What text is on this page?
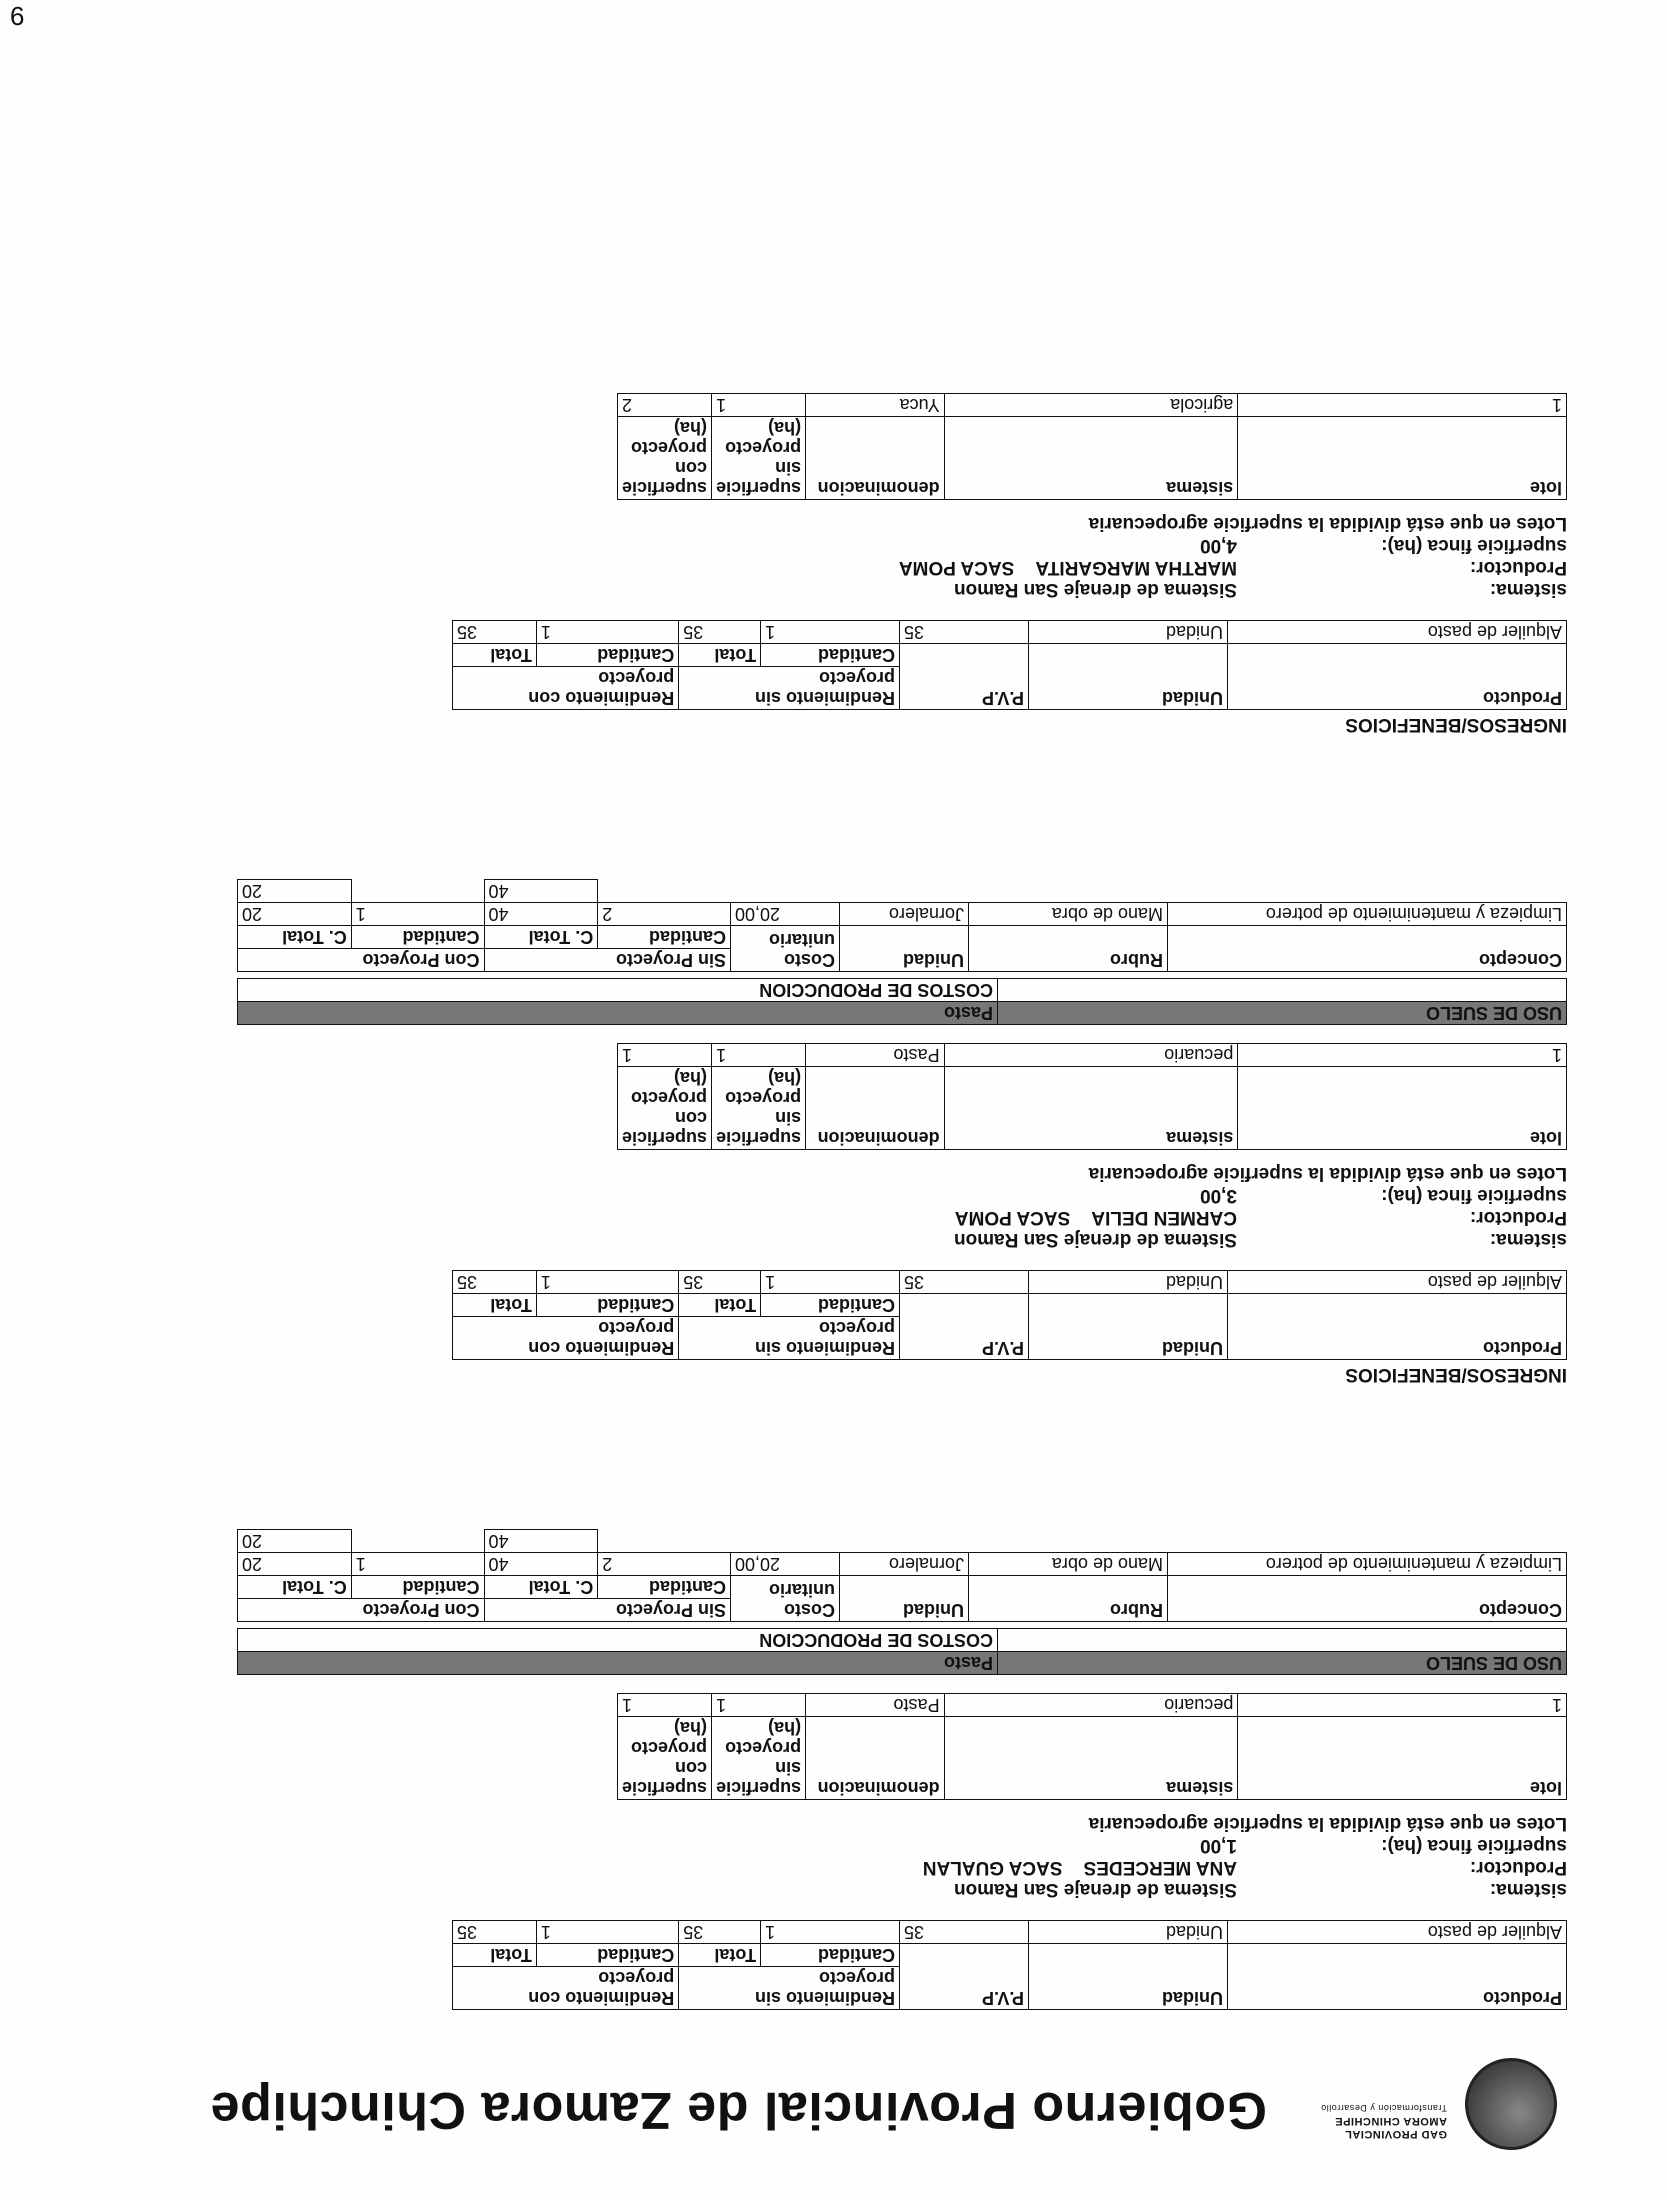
GAD PROVINCIAL
AMORA CHINCHIPE
Transformación y Desarrollo
Gobierno Provincial de Zamora Chinchipe
Producto	Unidad	P.V.P	Rendimiento sin proyecto		Rendimiento con proyecto	
			Cantidad	Total	Cantidad	Total
Alquiler de pasto	Unidad	35	1	35	1	35
sistema:Sistema de drenaje San Ramon
Productor:ANA MERCEDES    SACA GUALAN
superficie finca (ha):1,00
Lotes en que está dividida la superficie agropecuaria
lote	sistema	denominacion	superficie sin proyecto (ha)	superficie con proyecto (ha)
1	pecuario	Pasto	1	1
USO DE SUELO	Pasto
	COSTOS DE PRODUCCION
Concepto	Rubro	Unidad	Costo unitario	Sin Proyecto		Con Proyecto	
				Cantidad	C. Total	Cantidad	C. Total
Limpieza y mantenimiento de potrero	Mano de obra	Jornalero	20,00	2	40	1	20
					40		20
INGRESOS/BENEFICIOS
Producto	Unidad	P.V.P	Rendimiento sin proyecto		Rendimiento con proyecto	
			Cantidad	Total	Cantidad	Total
Alquiler de pasto	Unidad	35	1	35	1	35
sistema:Sistema de drenaje San Ramon
Productor:CARMEN DELIA    SACA POMA
superficie finca (ha):3,00
Lotes en que está dividida la superficie agropecuaria
lote	sistema	denominacion	superficie sin proyecto (ha)	superficie con proyecto (ha)
1	pecuario	Pasto	1	1
USO DE SUELO	Pasto
	COSTOS DE PRODUCCION
Concepto	Rubro	Unidad	Costo unitario	Sin Proyecto		Con Proyecto	
				Cantidad	C. Total	Cantidad	C. Total
Limpieza y mantenimiento de potrero	Mano de obra	Jornalero	20,00	2	40	1	20
					40		20
INGRESOS/BENEFICIOS
Producto	Unidad	P.V.P	Rendimiento sin proyecto		Rendimiento con proyecto	
			Cantidad	Total	Cantidad	Total
Alquiler de pasto	Unidad	35	1	35	1	35
sistema:Sistema de drenaje San Ramon
Productor:MARTHA MARGARITA    SACA POMA
superficie finca (ha):4,00
Lotes en que está dividida la superficie agropecuaria
lote	sistema	denominacion	superficie sin proyecto (ha)	superficie con proyecto (ha)
1	agricola	Yuca	1	2
9
